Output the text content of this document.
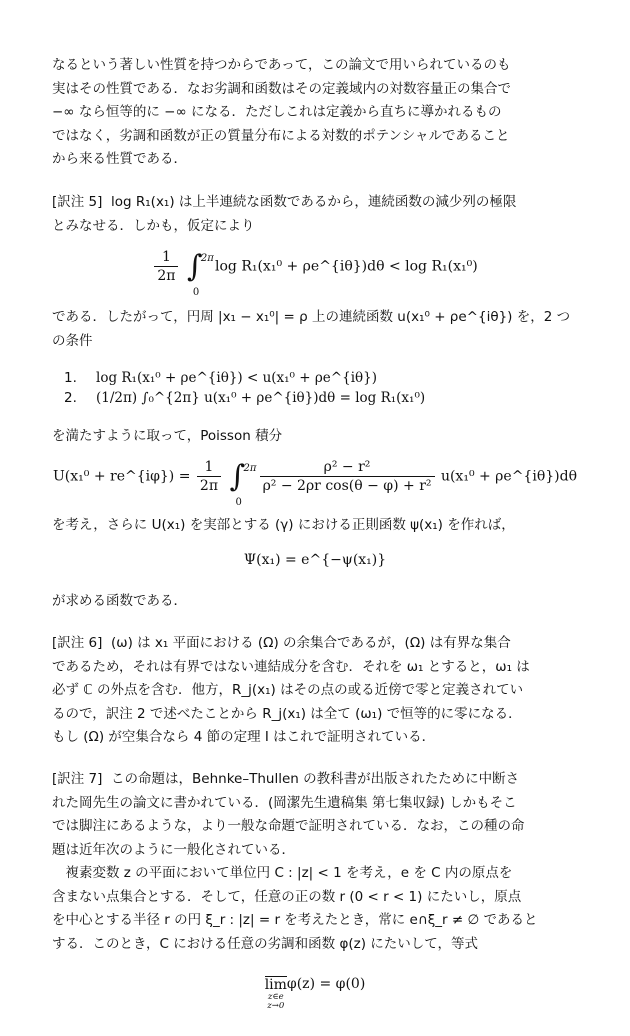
なるという著しい性質を持つからであって，この論文で用いられているのも
実はその性質である．なお劣調和函数はその定義域内の対数容量正の集合で
−∞ なら恒等的に −∞ になる．ただしこれは定義から直ちに導かれるもの
ではなく，劣調和函数が正の質量分布による対数的ポテンシャルであること
から来る性質である．
[訳注 5] log R₁(x₁) は上半連続な函数であるから，連続函数の減少列の極限
とみなせる．しかも，仮定により
$\frac{1}{2\pi}$ ∫
2π
0
log R₁(x₁⁰ + ρe^{iθ})dθ < log R₁(x₁⁰)
である．したがって，円周 |x₁ − x₁⁰| = ρ 上の連続函数 u(x₁⁰ + ρe^{iθ}) を，2 つ
の条件
1. log R₁(x₁⁰ + ρe^{iθ}) < u(x₁⁰ + ρe^{iθ})
2. (1/2π) ∫₀^{2π} u(x₁⁰ + ρe^{iθ})dθ = log R₁(x₁⁰)
を満たすように取って，Poisson 積分
U(x₁⁰ + re^{iφ}) = $\frac{1}{2\pi}$ ∫
2π
0

$\frac{\text{ρ² − r²}}{\text{ρ² − 2ρr cos(θ − φ) + r²}} u(x_1^0$ + ρe^{iθ})dθ
を考え，さらに U(x₁) を実部とする (γ) における正則函数 ψ(x₁) を作れば，
Ψ(x₁) = e^{−ψ(x₁)}
が求める函数である．
[訳注 6] (ω) は x₁ 平面における (Ω) の余集合であるが，(Ω) は有界な集合
であるため，それは有界ではない連結成分を含む．それを ω₁ とすると，ω₁ は
必ず ℂ の外点を含む．他方，R_j(x₁) はその点の或る近傍で零と定義されてい
るので，訳注 2 で述べたことから R_j(x₁) は全て (ω₁) で恒等的に零になる．
もし (Ω) が空集合なら 4 節の定理 I はこれで証明されている．
[訳注 7] この命題は，Behnke–Thullen の教科書が出版されたために中断さ
れた岡先生の論文に書かれている．(岡潔先生遺稿集 第七集収録) しかもそこ
では脚注にあるような，より一般な命題で証明されている．なお，この種の命
題は近年次のように一般化されている．
　複素変数 z の平面において単位円 C : |z| < 1 を考え，e を C 内の原点を
含まない点集合とする．そして，任意の正の数 r (0 < r < 1) にたいし，原点
を中心とする半径 r の円 ξ_r : |z| = r を考えたとき，常に e∩ξ_r ≠ ∅ であると
する．このとき，C における任意の劣調和函数 φ(z) にたいして，等式
lim
z∈e
z→0
φ(z) = φ(0)
